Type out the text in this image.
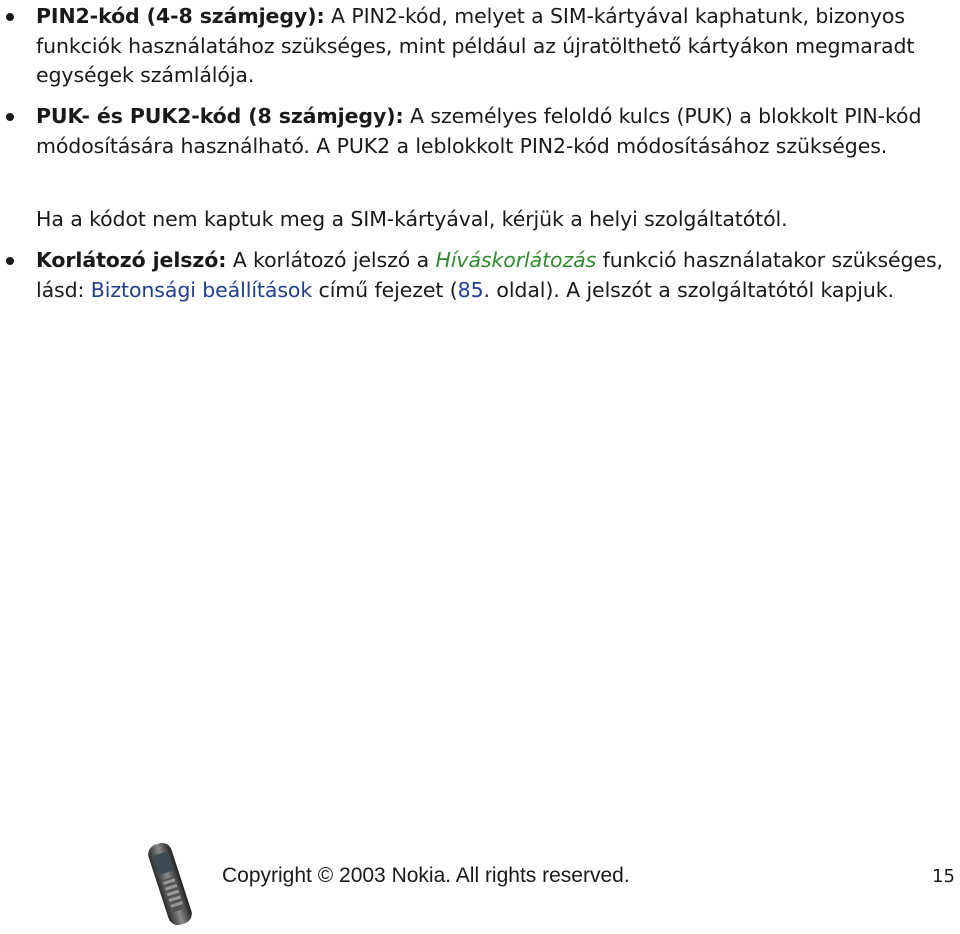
PIN2-kód (4-8 számjegy): A PIN2-kód, melyet a SIM-kártyával kaphatunk, bizonyos funkciók használatához szükséges, mint például az újratölthető kártyákon megmaradt egységek számlálója.
PUK- és PUK2-kód (8 számjegy): A személyes feloldó kulcs (PUK) a blokkolt PIN-kód módosítására használható. A PUK2 a leblokkolt PIN2-kód módosításához szükséges.
Ha a kódot nem kaptuk meg a SIM-kártyával, kérjük a helyi szolgáltatótól.
Korlátozó jelszó: A korlátozó jelszó a Híváskorlátozás funkció használatakor szükséges, lásd: Biztonsági beállítások című fejezet (85. oldal). A jelszót a szolgáltatótól kapjuk.
Copyright © 2003 Nokia. All rights reserved.	15
